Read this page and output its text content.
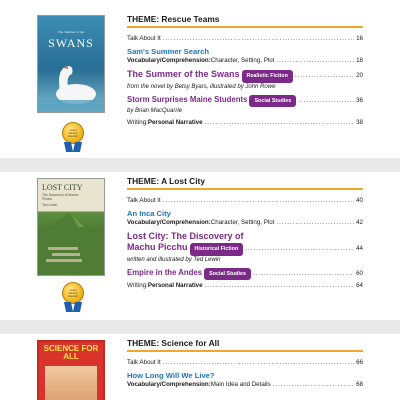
The Summer of the
SWANS
Award Winning Selection
THEME: Rescue Teams
Talk About It .....	16
Sam's Summer Search
Vocabulary/Comprehension: Character, Setting, Plot .....	18
The Summer of the Swans	Realistic Fiction .....	20
from the novel by Betsy Byars, illustrated by John Rowe
Storm Surprises Maine Students	Social Studies .....	36
by Brian MacQuarrie
Writing: Personal Narrative .....	38
LOST CITY
The Discovery of Machu Picchu
Ted Lewin
Award Winning Selection
THEME: A Lost City
Talk About It .....	40
An Inca City
Vocabulary/Comprehension: Character, Setting, Plot .....	42
Lost City: The Discovery of
Machu Picchu	Historical Fiction .....	44
written and illustrated by Ted Lewin
Empire in the Andes	Social Studies .....	60
Writing: Personal Narrative .....	64
SCIENCE FOR ALL
THEME: Science for All
Talk About It .....	66
How Long Will We Live?
Vocabulary/Comprehension: Main Idea and Details .....	68
